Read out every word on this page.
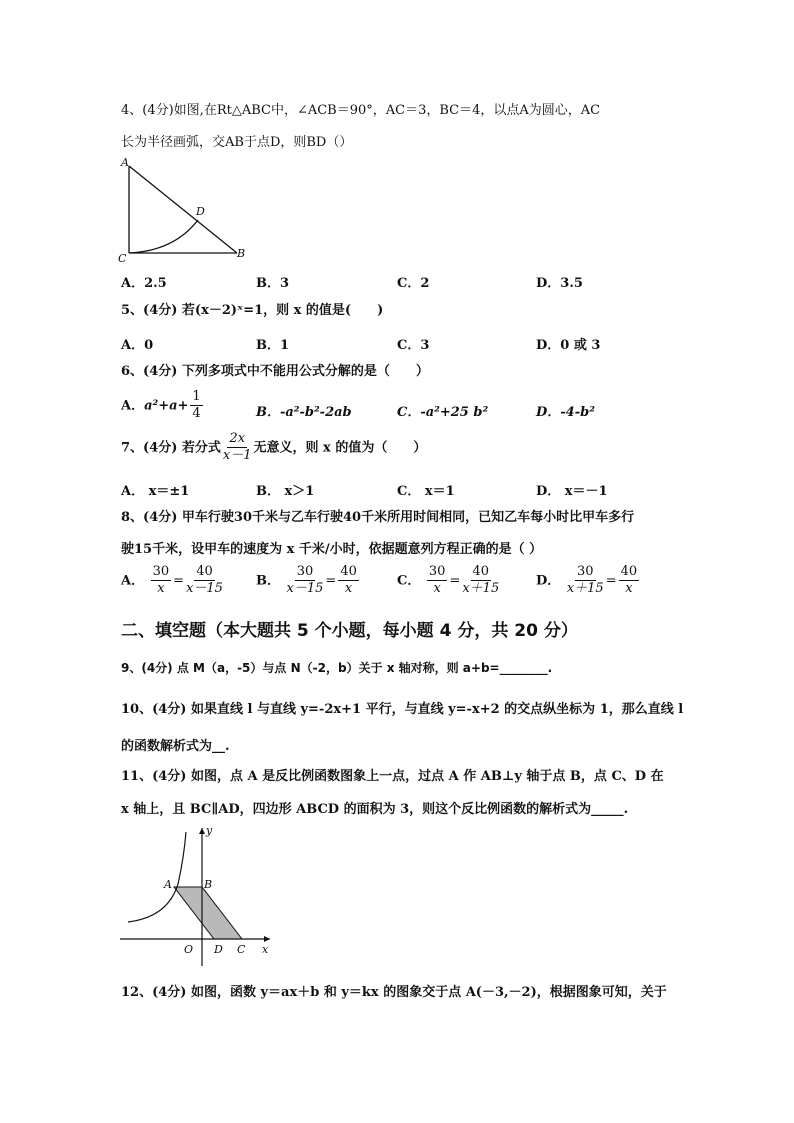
4、(4分)如图,在Rt△ABC中，∠ACB＝90°，AC＝3，BC＝4，以点A为圆心，AC
长为半径画弧，交AB于点D，则BD（）
A
D
C	B
A．2.5	B．3	C．2	D．3.5
5、(4分) 若(x－2)ˣ=1，则 x 的值是(　　)
A．0	B．1	C．3	D．0 或 3
6、(4分) 下列多项式中不能用公式分解的是（　　）
A．$a^2+a+ \frac{1}{4}$	B．-a²-b²-2ab	C．-a²+25 b²	D．-4-b²
7、(4分) 若分式 $\frac{2x}{x-1}$ 无意义，则 x 的值为（　　）
A． x＝±1	B． x＞1	C． x＝1	D． x＝－1
8、(4分) 甲车行驶30千米与乙车行驶40千米所用时间相同，已知乙车每小时比甲车多行
驶15千米，设甲车的速度为 x 千米/小时，依据题意列方程正确的是（ ）
A． $\frac{30}{x} = \frac{40}{x-15}$	B． $\frac{30}{x-15} = \frac{40}{x}$	C． $\frac{30}{x} = \frac{40}{x+15}$	D． $\frac{30}{x+15} = \frac{40}{x}$
二、填空题（本大题共 5 个小题，每小题 4 分，共 20 分）
9、(4分) 点 M（a，-5）与点 N（-2，b）关于 x 轴对称，则 a+b=________.
10、(4分) 如果直线 l 与直线 y=-2x+1 平行，与直线 y=-x+2 的交点纵坐标为 1，那么直线 l
的函数解析式为__.
11、(4分) 如图，点 A 是反比例函数图象上一点，过点 A 作 AB⊥y 轴于点 B，点 C、D 在
x 轴上，且 BC∥AD，四边形 ABCD 的面积为 3，则这个反比例函数的解析式为_____.
y
A	B
O D C x
12、(4分) 如图，函数 y＝ax＋b 和 y＝kx 的图象交于点 A(－3,－2)，根据图象可知，关于
